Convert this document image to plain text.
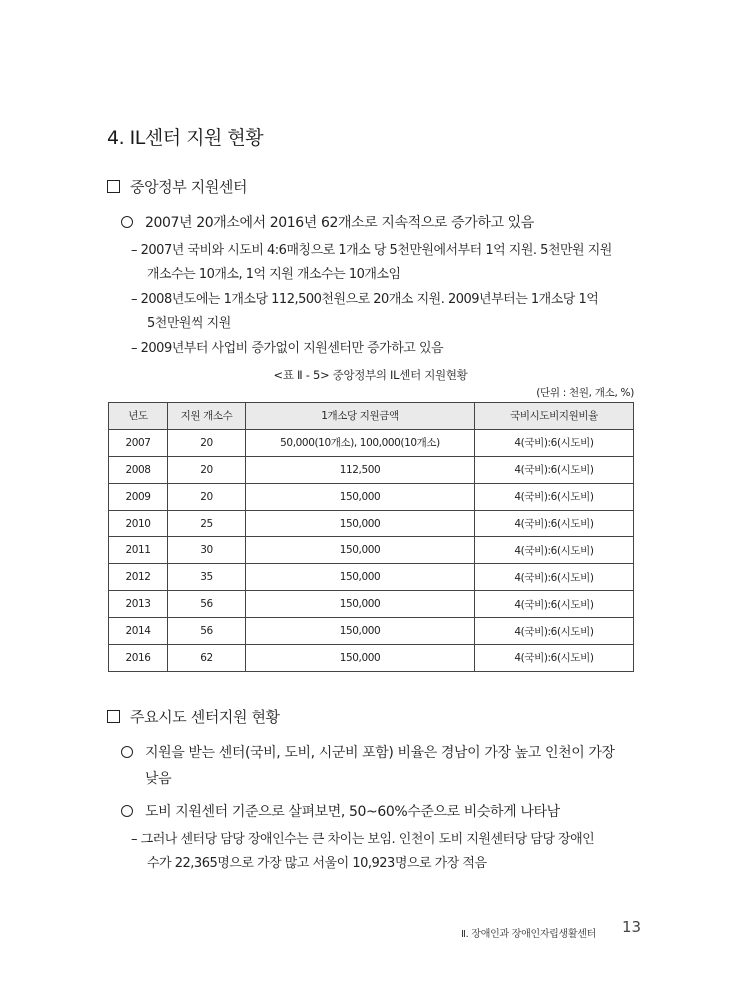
4. IL센터 지원 현황
중앙정부 지원센터
2007년 20개소에서 2016년 62개소로 지속적으로 증가하고 있음
– 2007년 국비와 시도비 4:6매칭으로 1개소 당 5천만원에서부터 1억 지원. 5천만원 지원
개소수는 10개소, 1억 지원 개소수는 10개소임
– 2008년도에는 1개소당 112,500천원으로 20개소 지원. 2009년부터는 1개소당 1억
5천만원씩 지원
– 2009년부터 사업비 증가없이 지원센터만 증가하고 있음
<표 Ⅱ - 5> 중앙정부의 IL센터 지원현황
(단위 : 천원, 개소, %)
년도	지원 개소수	1개소당 지원금액	국비시도비지원비율
2007	20	50,000(10개소), 100,000(10개소)	4(국비):6(시도비)
2008	20	112,500	4(국비):6(시도비)
2009	20	150,000	4(국비):6(시도비)
2010	25	150,000	4(국비):6(시도비)
2011	30	150,000	4(국비):6(시도비)
2012	35	150,000	4(국비):6(시도비)
2013	56	150,000	4(국비):6(시도비)
2014	56	150,000	4(국비):6(시도비)
2016	62	150,000	4(국비):6(시도비)
주요시도 센터지원 현황
지원을 받는 센터(국비, 도비, 시군비 포함) 비율은 경남이 가장 높고 인천이 가장
낮음
도비 지원센터 기준으로 살펴보면, 50~60%수준으로 비슷하게 나타남
– 그러나 센터당 담당 장애인수는 큰 차이는 보임. 인천이 도비 지원센터당 담당 장애인
수가 22,365명으로 가장 많고 서울이 10,923명으로 가장 적음
Ⅱ. 장애인과 장애인자립생활센터 13
